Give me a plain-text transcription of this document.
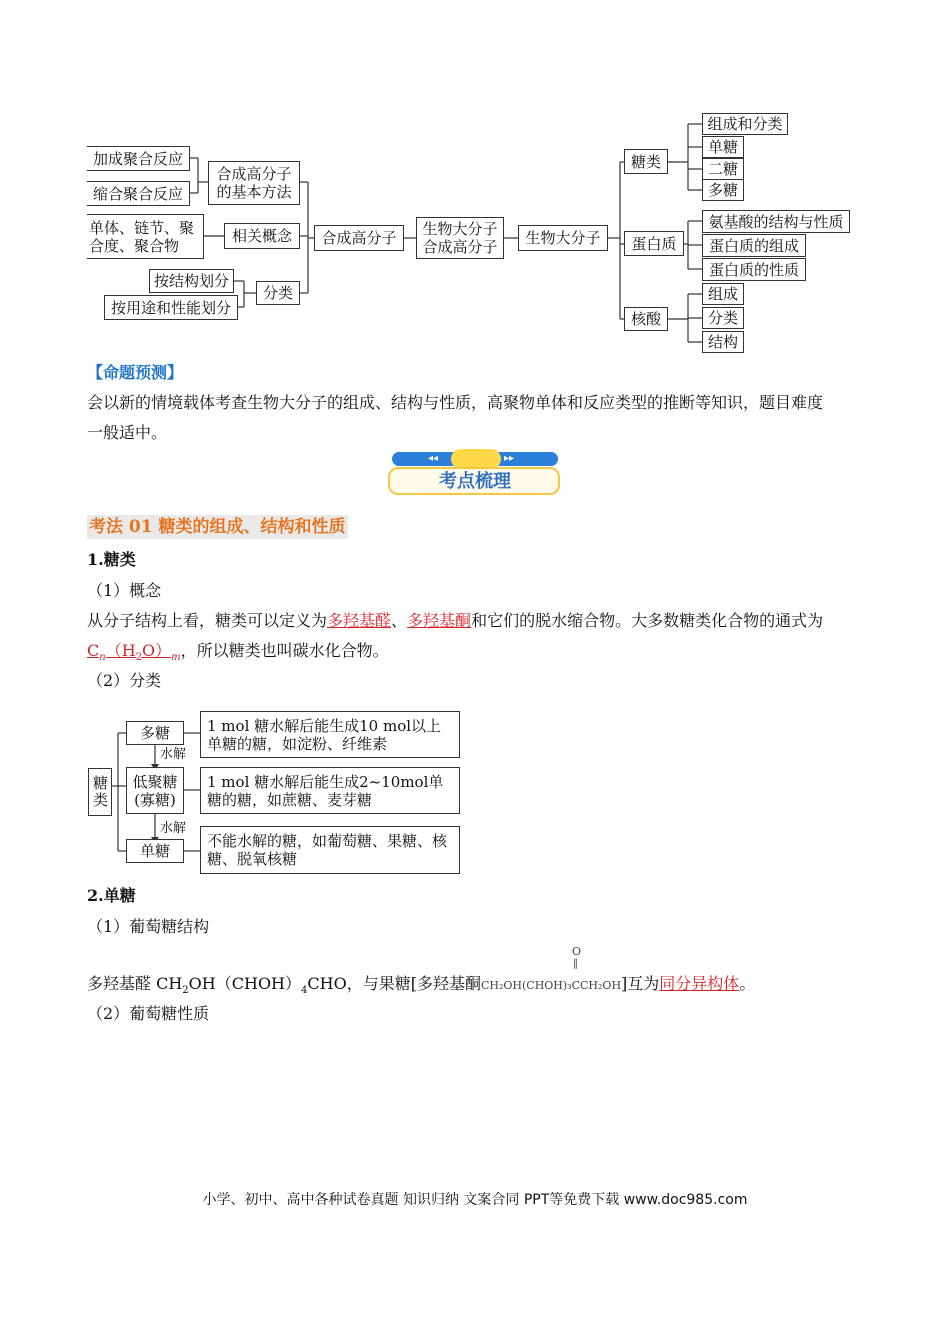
加成聚合反应
缩合聚合反应
单体、链节、聚
合度、聚合物
按结构划分
按用途和性能划分
合成高分子
的基本方法
相关概念
分类
合成高分子	生物大分子
合成高分子	生物大分子
糖类
蛋白质
核酸
组成和分类
单糖
二糖
多糖
氨基酸的结构与性质
蛋白质的组成
蛋白质的性质
组成
分类
结构
【命题预测】
会以新的情境载体考查生物大分子的组成、结构与性质，高聚物单体和反应类型的推断等知识，题目难度
一般适中。
◂◂	▸▸
考点梳理
考法 01 糖类的组成、结构和性质
1.糖类
（1）概念
从分子结构上看，糖类可以定义为多羟基醛、多羟基酮和它们的脱水缩合物。大多数糖类化合物的通式为
$C_n(H_2O)_m$，所以糖类也叫碳水化合物。
（2）分类
糖类
多糖
低聚糖
(寡糖)
单糖
水解
水解
1 mol 糖水解后能生成10 mol以上
单糖的糖，如淀粉、纤维素
1 mol 糖水解后能生成2~10mol单
糖的糖，如蔗糖、麦芽糖
不能水解的糖，如葡萄糖、果糖、核
糖、脱氧核糖
2.单糖
（1）葡萄糖结构
O
‖
多羟基醛 $CH_2OH(CHOH)_4CHO$，与果糖[多羟基酮CH₂OH(CHOH)₃CCH₂OH]互为同分异构体。
（2）葡萄糖性质
小学、初中、高中各种试卷真题 知识归纳 文案合同 PPT等免费下载 www.doc985.com
